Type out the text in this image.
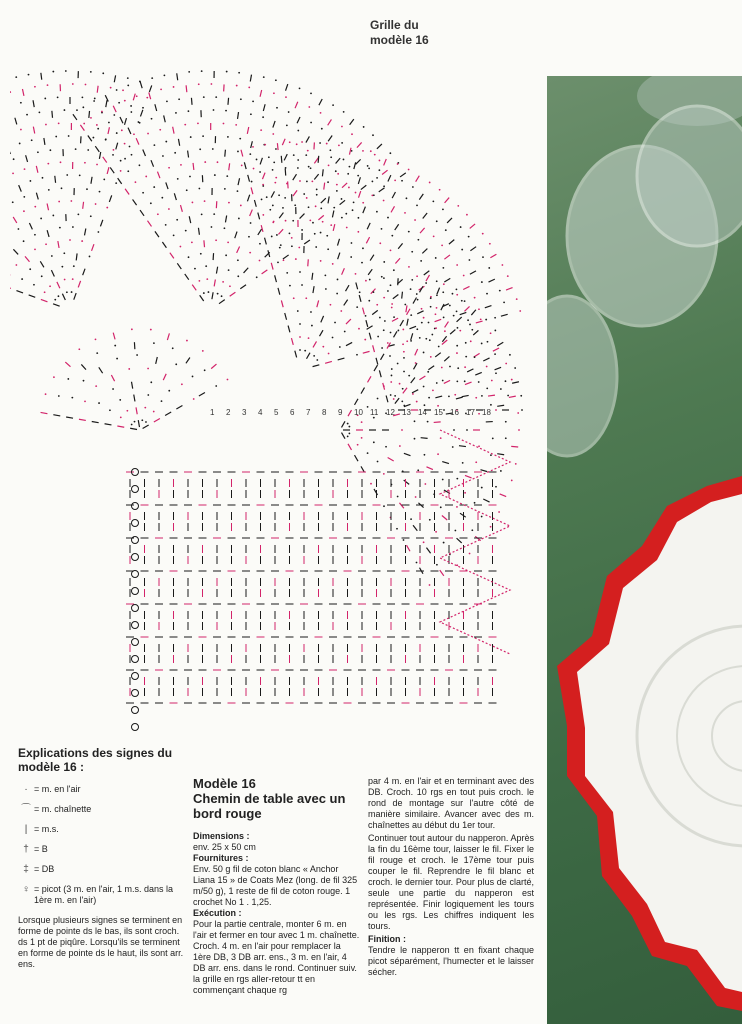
Grille du
modèle 16
1 2 3 4 5 6 7 8 9 10 11 12 13 14 15 16 17 18
Explications des signes du modèle 16 :
· = m. en l'air
⌒ = m. chaînette
| = m.s.
† = B
‡ = DB
♀ = picot (3 m. en l'air, 1 m.s. dans la 1ère m. en l'air)

Lorsque plusieurs signes se terminent en forme de pointe ds le bas, ils sont croch. ds 1 pt de piqûre. Lorsqu'ils se terminent en forme de pointe ds le haut, ils sont arr. ens.

Modèle 16
Chemin de table avec un bord rouge
Dimensions :

env. 25 x 50 cm

Fournitures :

Env. 50 g fil de coton blanc « Anchor Liana 15 » de Coats Mez (long. de fil 325 m/50 g), 1 reste de fil de coton rouge. 1 crochet No 1 . 1,25.

Exécution :

Pour la partie centrale, monter 6 m. en l'air et fermer en tour avec 1 m. chaînette. Croch. 4 m. en l'air pour remplacer la 1ère DB, 3 DB arr. ens., 3 m. en l'air, 4 DB arr. ens. dans le rond. Continuer suiv. la grille en rgs aller-retour tt en commençant chaque rg

par 4 m. en l'air et en terminant avec des DB. Croch. 10 rgs en tout puis croch. le rond de montage sur l'autre côté de manière similaire. Avancer avec des m. chaînettes au début du 1er tour.

Continuer tout autour du napperon. Après la fin du 16ème tour, laisser le fil. Fixer le fil rouge et croch. le 17ème tour puis couper le fil. Reprendre le fil blanc et croch. le dernier tour. Pour plus de clarté, seule une partie du napperon est représentée. Finir logiquement les tours ou les rgs. Les chiffres indiquent les tours.

Finition :

Tendre le napperon tt en fixant chaque picot séparément, l'humecter et le laisser sécher.
